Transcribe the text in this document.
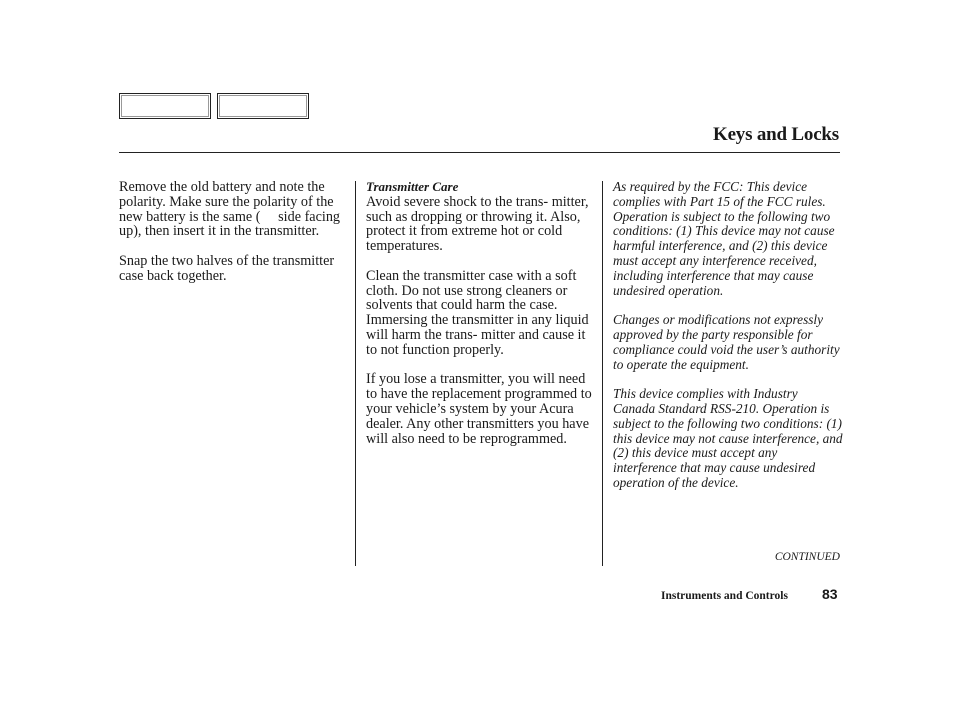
Keys and Locks

Remove the old battery and note the polarity. Make sure the polarity of the new battery is the same (  side facing up), then insert it in the transmitter.

Snap the two halves of the transmitter case back together.

Transmitter Care

Avoid severe shock to the trans- mitter, such as dropping or throwing it. Also, protect it from extreme hot or cold temperatures.

Clean the transmitter case with a soft cloth. Do not use strong cleaners or solvents that could harm the case. Immersing the transmitter in any liquid will harm the trans- mitter and cause it to not function properly.

If you lose a transmitter, you will need to have the replacement programmed to your vehicle’s system by your Acura dealer. Any other transmitters you have will also need to be reprogrammed.

As required by the FCC: This device complies with Part 15 of the FCC rules. Operation is subject to the following two conditions: (1) This device may not cause harmful interference, and (2) this device must accept any interference received, including interference that may cause undesired operation.

Changes or modifications not expressly approved by the party responsible for compliance could void the user’s authority to operate the equipment.

This device complies with Industry Canada Standard RSS-210. Operation is subject to the following two conditions: (1) this device may not cause interference, and (2) this device must accept any interference that may cause undesired operation of the device.

CONTINUED
Instruments and Controls 83
